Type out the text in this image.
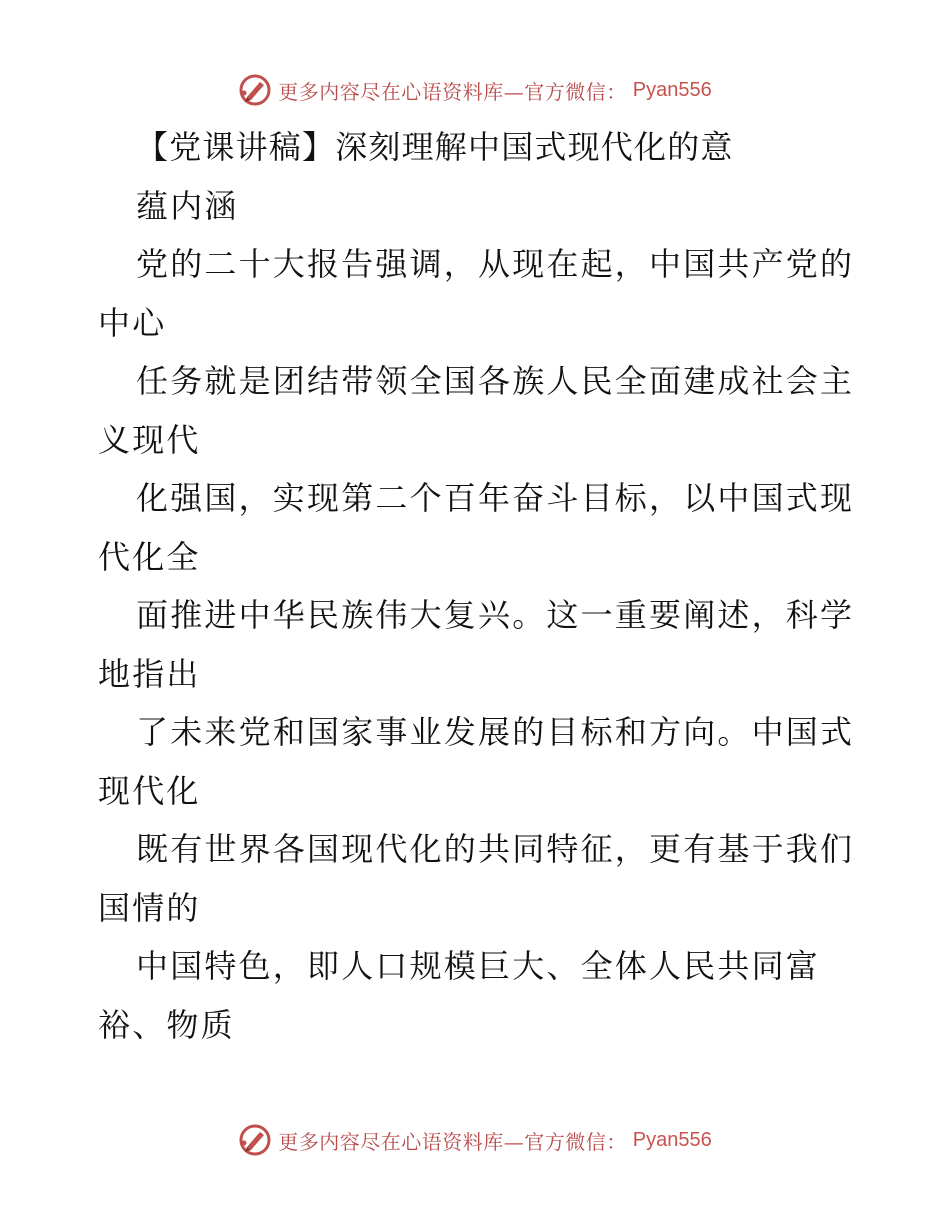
更多内容尽在心语资料库—官方微信： Pyan556
【党课讲稿】深刻理解中国式现代化的意
蕴内涵
党的二十大报告强调，从现在起，中国共产党的
中心
任务就是团结带领全国各族人民全面建成社会主
义现代
化强国，实现第二个百年奋斗目标，以中国式现
代化全
面推进中华民族伟大复兴。这一重要阐述，科学
地指出
了未来党和国家事业发展的目标和方向。中国式
现代化
既有世界各国现代化的共同特征，更有基于我们
国情的
中国特色，即人口规模巨大、全体人民共同富
裕、物质
更多内容尽在心语资料库—官方微信： Pyan556
